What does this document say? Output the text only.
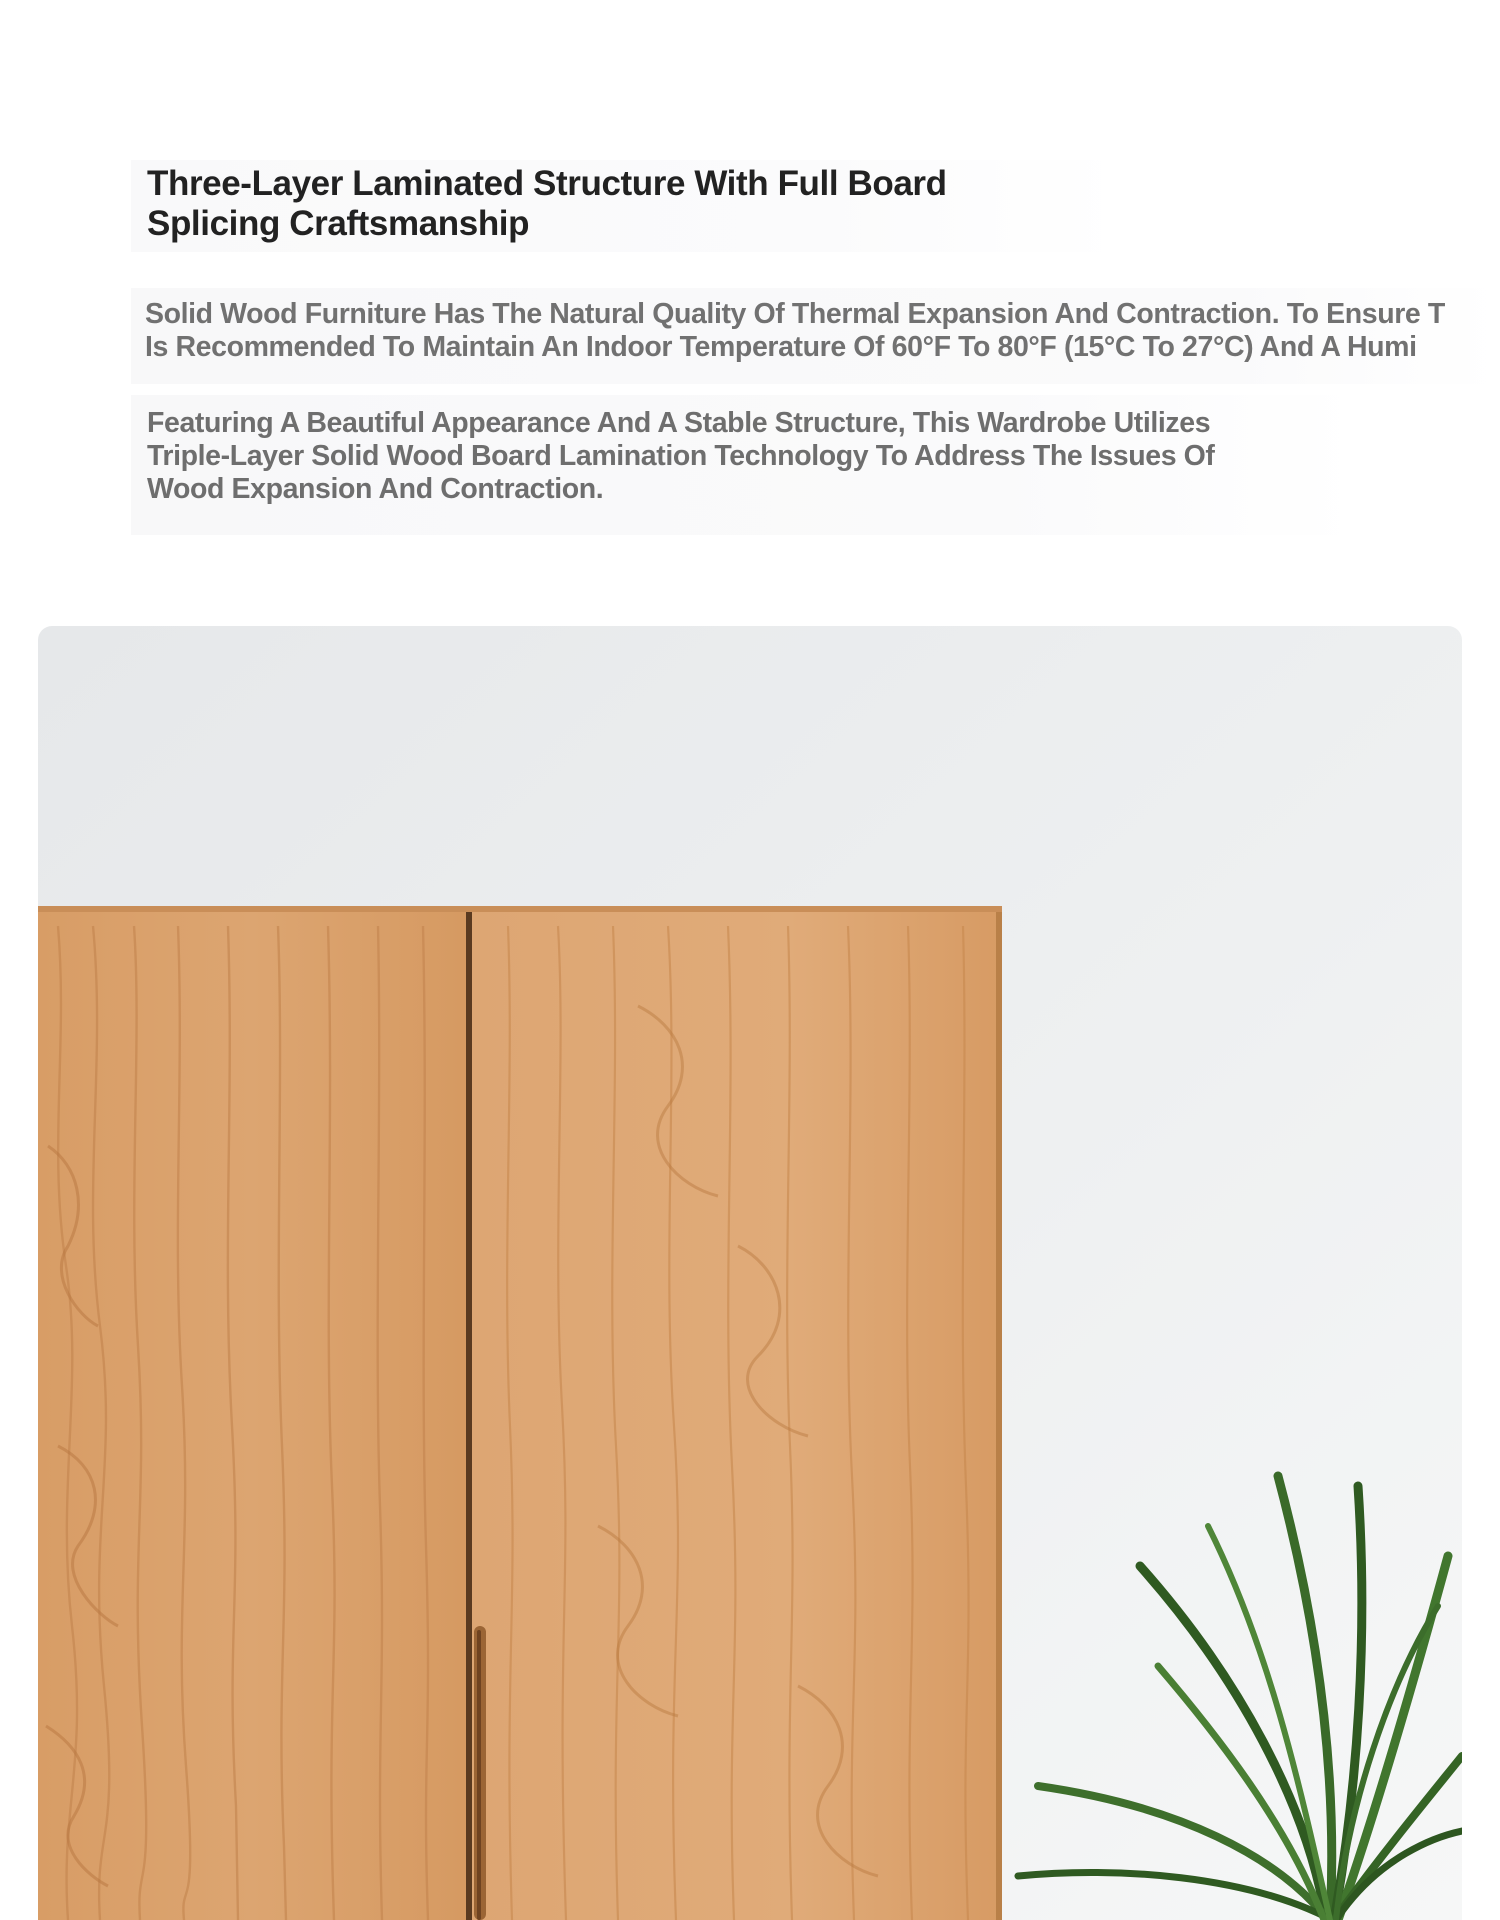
Three-Layer Laminated Structure With Full Board Splicing Craftsmanship
Solid Wood Furniture Has The Natural Quality Of Thermal Expansion And Contraction. To Ensure T
Is Recommended To Maintain An Indoor Temperature Of 60°F To 80°F (15°C To 27°C) And A Humi

Featuring A Beautiful Appearance And A Stable Structure, This Wardrobe Utilizes Triple-Layer Solid Wood Board Lamination Technology To Address The Issues Of Wood Expansion And Contraction.
